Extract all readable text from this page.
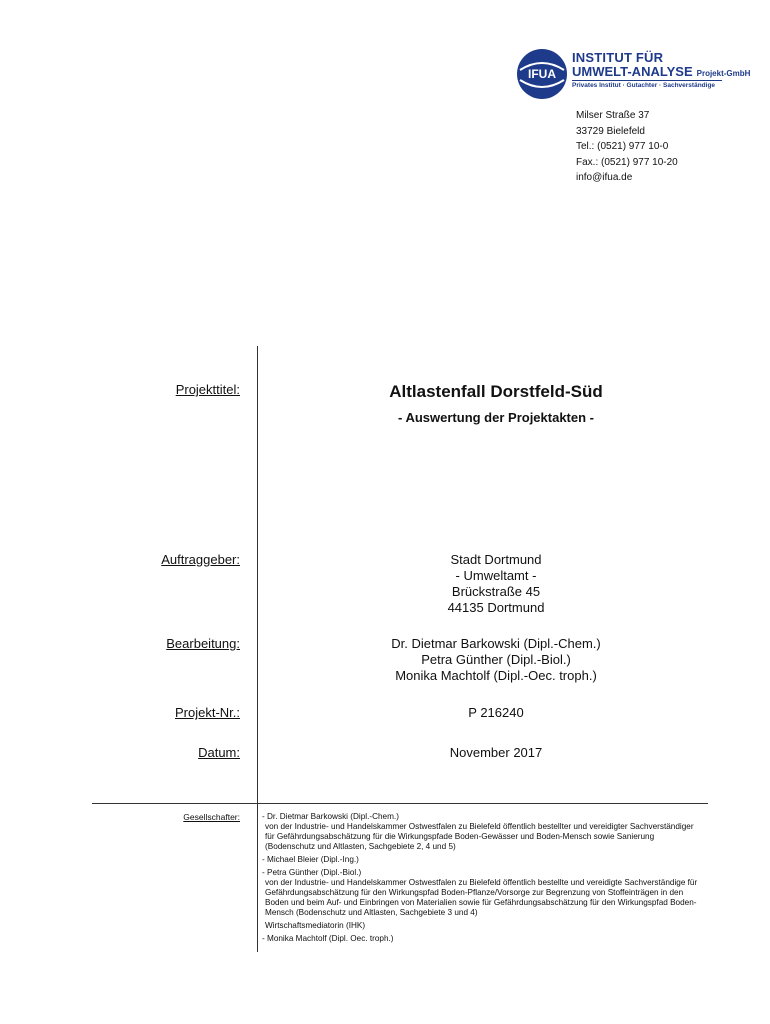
IFUA
INSTITUT FÜR
UMWELT-ANALYSE Projekt-GmbH
Privates Institut · Gutachter · Sachverständige
Milser Straße 37
33729 Bielefeld
Tel.: (0521) 977 10-0
Fax.: (0521) 977 10-20
info@ifua.de
Projekttitel:	Altlastenfall Dorstfeld-Süd
- Auswertung der Projektakten -
Auftraggeber:	Stadt Dortmund
- Umweltamt -
Brückstraße 45
44135 Dortmund
Bearbeitung:	Dr. Dietmar Barkowski (Dipl.-Chem.)
Petra Günther (Dipl.-Biol.)
Monika Machtolf (Dipl.-Oec. troph.)
Projekt-Nr.:	P 216240
Datum:	November 2017
Gesellschafter:	- Dr. Dietmar Barkowski (Dipl.-Chem.)
von der Industrie- und Handelskammer Ostwestfalen zu Bielefeld öffentlich bestellter und vereidigter Sachverständiger für Gefährdungsabschätzung für die Wirkungspfade Boden-Gewässer und Boden-Mensch sowie Sanierung (Bodenschutz und Altlasten, Sachgebiete 2, 4 und 5)
- Michael Bleier (Dipl.-Ing.)
- Petra Günther (Dipl.-Biol.)
von der Industrie- und Handelskammer Ostwestfalen zu Bielefeld öffentlich bestellte und vereidigte Sachverständige für Gefährdungsabschätzung für den Wirkungspfad Boden-Pflanze/Vorsorge zur Begrenzung von Stoffeinträgen in den Boden und beim Auf- und Einbringen von Materialien sowie für Gefährdungsabschätzung für den Wirkungspfad Boden-Mensch (Bodenschutz und Altlasten, Sachgebiete 3 und 4)
Wirtschaftsmediatorin (IHK)
- Monika Machtolf (Dipl. Oec. troph.)
